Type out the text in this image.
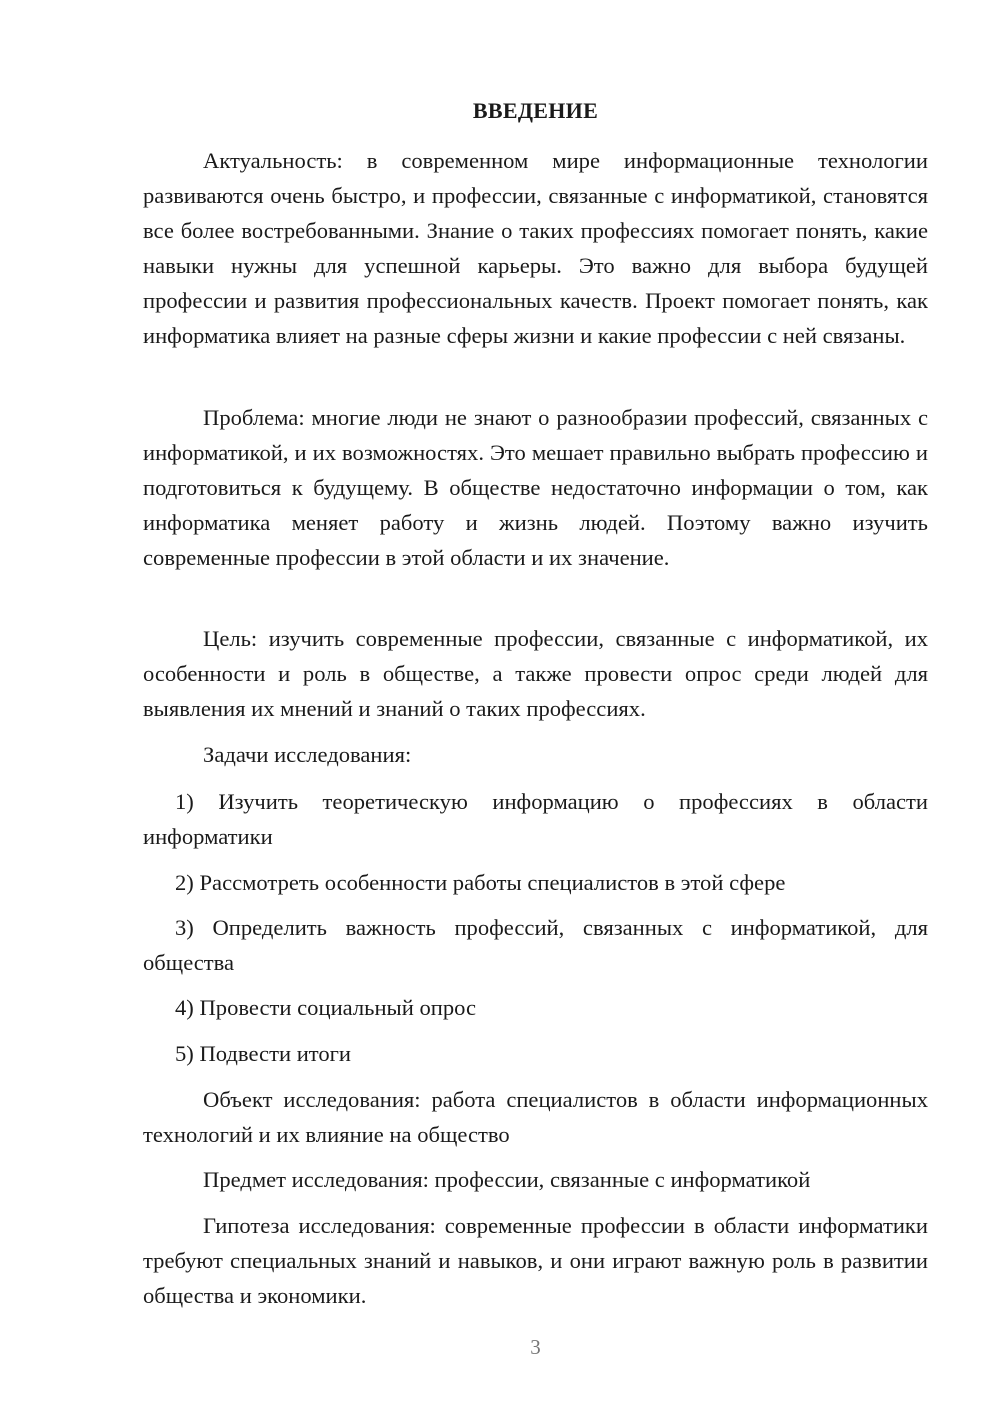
ВВЕДЕНИЕ

Актуальность: в современном мире информационные технологии развиваются очень быстро, и профессии, связанные с информатикой, становятся все более востребованными. Знание о таких профессиях помогает понять, какие навыки нужны для успешной карьеры. Это важно для выбора будущей профессии и развития профессиональных качеств. Проект помогает понять, как информатика влияет на разные сферы жизни и какие профессии с ней связаны.

Проблема: многие люди не знают о разнообразии профессий, связанных с информатикой, и их возможностях. Это мешает правильно выбрать профессию и подготовиться к будущему. В обществе недостаточно информации о том, как информатика меняет работу и жизнь людей. Поэтому важно изучить современные профессии в этой области и их значение.

Цель: изучить современные профессии, связанные с информатикой, их особенности и роль в обществе, а также провести опрос среди людей для выявления их мнений и знаний о таких профессиях.

Задачи исследования:

1) Изучить теоретическую информацию о профессиях в области информатики

2) Рассмотреть особенности работы специалистов в этой сфере

3) Определить важность профессий, связанных с информатикой, для общества

4) Провести социальный опрос

5) Подвести итоги

Объект исследования: работа специалистов в области информационных технологий и их влияние на общество

Предмет исследования: профессии, связанные с информатикой

Гипотеза исследования: современные профессии в области информатики требуют специальных знаний и навыков, и они играют важную роль в развитии общества и экономики.

3
